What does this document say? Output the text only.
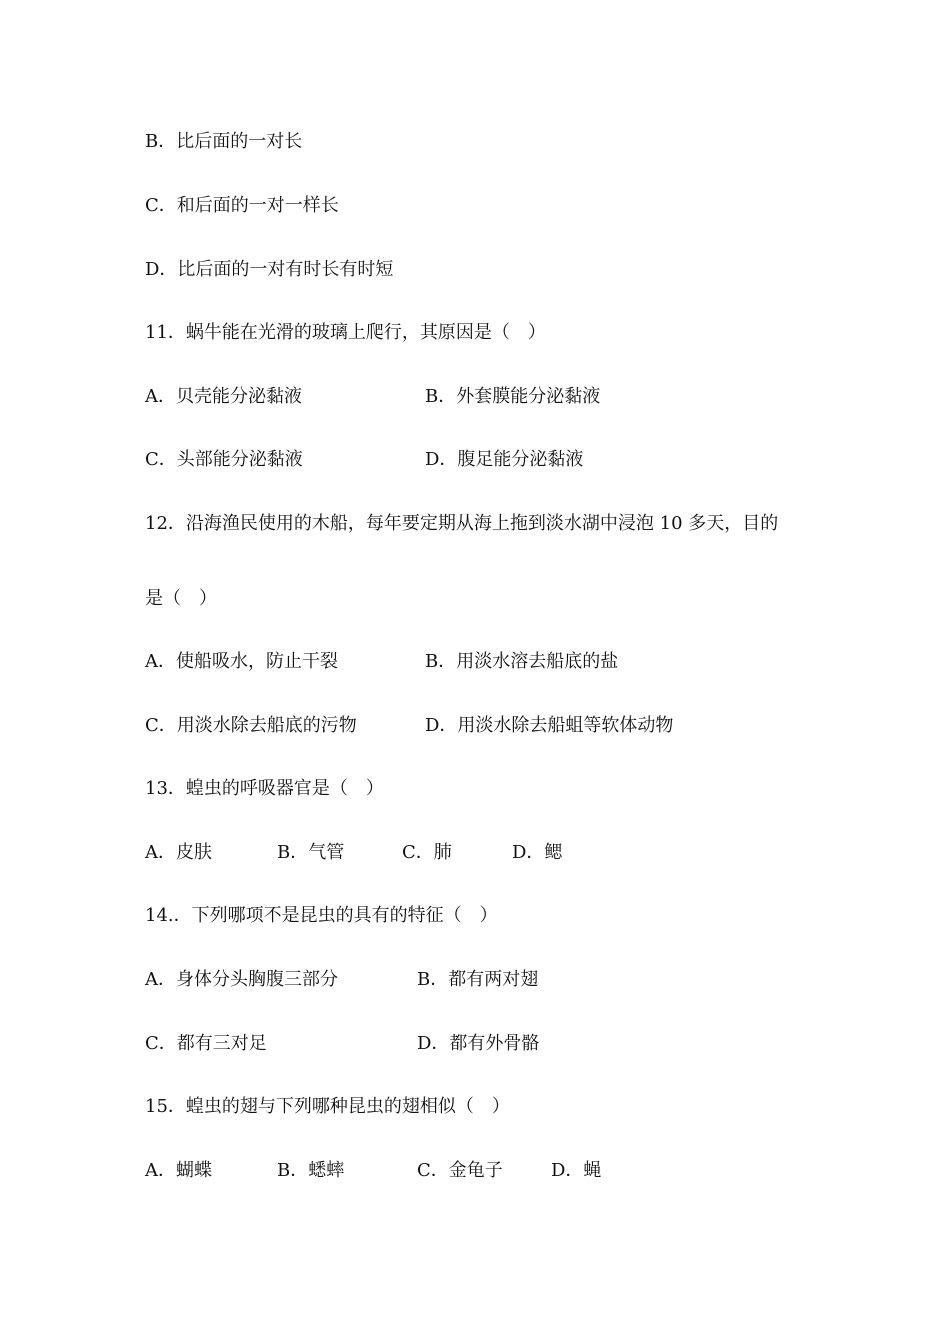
B．比后面的一对长
C．和后面的一对一样长
D．比后面的一对有时长有时短
11．蜗牛能在光滑的玻璃上爬行，其原因是（　）
A．贝壳能分泌黏液	B．外套膜能分泌黏液
C．头部能分泌黏液	D．腹足能分泌黏液
12．沿海渔民使用的木船，每年要定期从海上拖到淡水湖中浸泡 10 多天，目的
是（　）
A．使船吸水，防止干裂	B．用淡水溶去船底的盐
C．用淡水除去船底的污物	D．用淡水除去船蛆等软体动物
13．蝗虫的呼吸器官是（　）
A．皮肤	B．气管	C．肺	D．鳃
14.．下列哪项不是昆虫的具有的特征（　）
A．身体分头胸腹三部分	B．都有两对翅
C．都有三对足	D．都有外骨骼
15．蝗虫的翅与下列哪种昆虫的翅相似（　）
A．蝴蝶	B．蟋蟀	C．金龟子	D．蝇
